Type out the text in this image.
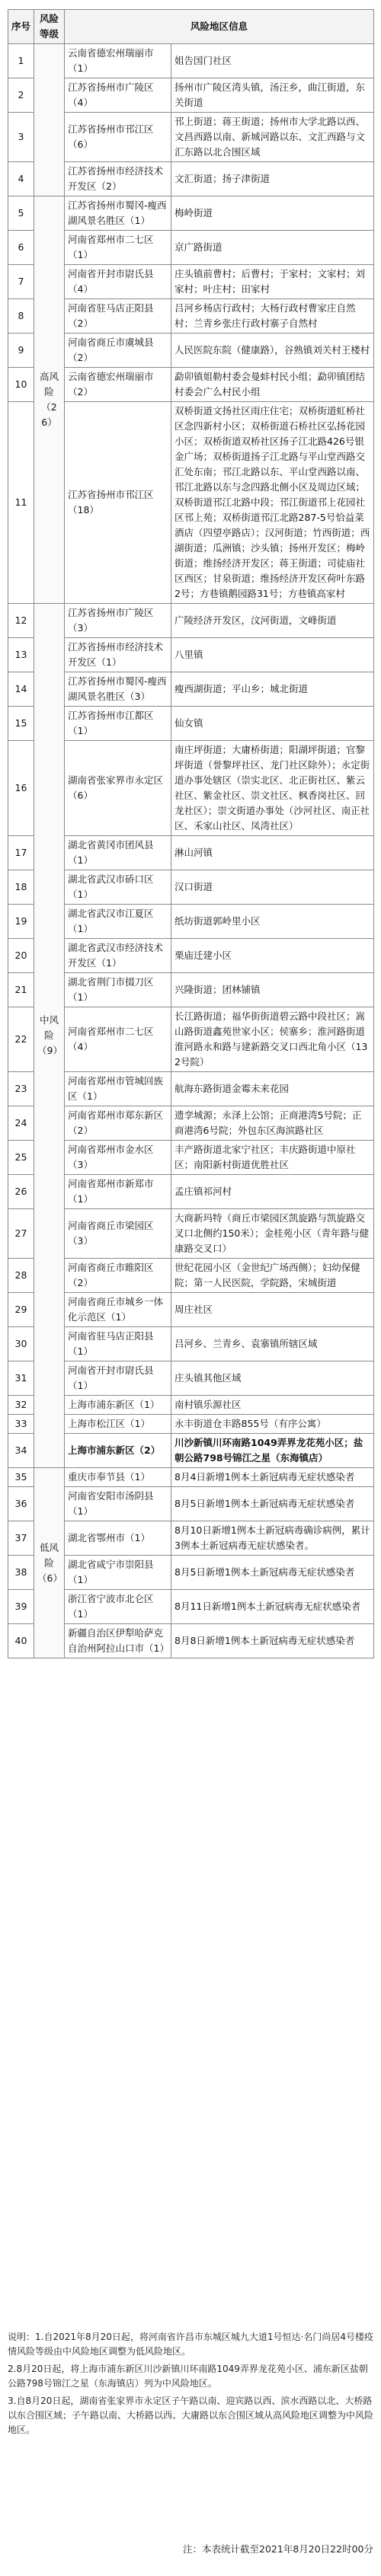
序号	风险等级	风险地区信息	
1		云南省德宏州瑞丽市（1）	姐告国门社区
2		江苏省扬州市广陵区（4）	扬州市广陵区湾头镇，汤汪乡，曲江街道，东关街道
3		江苏省扬州市邗江区（6）	邗上街道；蒋王街道；扬州市大学北路以西、文昌西路以南、新城河路以东、文汇西路与文汇东路以北合围区域
4		江苏省扬州市经济技术开发区（2）	文汇街道；扬子津街道
5	高风险（26）	江苏省扬州市蜀冈-瘦西湖风景名胜区（1）	梅岭街道
6		河南省郑州市二七区（1）	京广路街道
7		河南省开封市尉氏县（4）	庄头镇前曹村；后曹村；于家村；文家村；刘家村；叶庄村；田家村
8		河南省驻马店正阳县（2）	吕河乡杨店行政村；大杨行政村曹家庄自然村；兰青乡张庄行政村寨子自然村
9		河南省商丘市虞城县（2）	人民医院东院（健康路），谷熟镇刘关村王楼村
10		云南省德宏州瑞丽市（2）	勐卯镇姐勒村委会曼蚌村民小组；勐卯镇团结村委会广么村民小组
11		江苏省扬州市邗江区（18）	双桥街道文扬社区雨庄住宅；双桥街道虹桥社区念四新村小区；双桥街道石桥社区弘扬花园小区；双桥街道双桥社区扬子江北路426号银金广场；双桥街道扬子江北路与平山堂西路交汇处东南；邗江北路以东、平山堂西路以南、邗江北路以东与念四路北侧小区及周边区域；双桥街道邗江北路中段；邗江街道邗上花园社区邗上苑；双桥街道邗江北路287-5号恰益菜酒店（四望亭路店）；汉河街道；竹西街道；西湖街道；瓜洲镇；沙头镇；扬州开发区；梅岭街道；维扬经济开发区；蒋王街道；司徒庙社区西区；甘泉街道；维扬经济开发区荷叶东路2号；方巷镇鹅园路31号；方巷镇高家村
12	中风险（9）	江苏省扬州市广陵区（3）	广陵经济开发区，汶河街道，文峰街道
13		江苏省扬州市经济技术开发区（1）	八里镇
14		江苏省扬州市蜀冈-瘦西湖风景名胜区（3）	瘦西湖街道；平山乡；城北街道
15		江苏省扬州市江都区（1）	仙女镇
16		湖南省张家界市永定区（6）	南庄坪街道；大庸桥街道；阳湖坪街道；官黎坪街道（誉黎坪社区、龙门社区除外）；永定街道办事处辖区（崇实北区、北正街社区、紫云社区、紫金社区、崇文社区、枫香岗社区、回龙社区）；崇文街道办事处（沙河社区、南正社区、禾家山社区、凤湾社区）
17		湖北省黄冈市团风县（1）	淋山河镇
18		湖北省武汉市硚口区（1）	汉口街道
19		湖北省武汉市江夏区（1）	纸坊街道郭岭里小区
20		湖北省武汉市经济技术开发区（1）	栗庙迁建小区
21		湖北省荆门市掇刀区（1）	兴隆街道；团林铺镇
22		河南省郑州市二七区（4）	长江路街道；福华街街道碧云路中段社区；嵩山路街道鑫苑世家小区；侯寨乡；淮河路街道淮河路永和路与建新路交叉口西北角小区（132号院）
23		河南省郑州市管城回族区（1）	航海东路街道金霉未来花园
24		河南省郑州市郑东新区（2）	遗孪城源；永泽上公馆；正商港湾5号院；正商港湾6号院；外包东区海滨路社区
25		河南省郑州市金水区（3）	丰产路街道北家宁社区；丰庆路街道中原社区；南阳新村街道优胜社区
26		河南省郑州市新郑市（1）	孟庄镇祁河村
27		河南省商丘市梁园区（3）	大商新玛特（商丘市梁园区凯旋路与凯旋路交叉口北侧约150米）；金桂苑小区（青年路与健康路交叉口）
28		河南省商丘市睢阳区（2）	世纪花园小区（金世纪广场西侧）；妇幼保健院；第一人民医院，学院路，宋城街道
29		河南省商丘市城乡一体化示范区（1）	周庄社区
30		河南省驻马店正阳县（1）	吕河乡、兰青乡、袁寨镇所辖区域
31		河南省开封市尉氏县（1）	庄头镇其他区域
32		上海市浦东新区（1）	南村镇乐源社区
33		上海市松江区（1）	永丰街道仓丰路855号（有序公寓）
34		上海市浦东新区（2）	川沙新镇川环南路1049弄界龙花苑小区；盐朝公路798号锦江之星（东海镇店）
35	低风险（6）	重庆市奉节县（1）	8月4日新增1例本土新冠病毒无症状感染者
36		河南省安阳市汤阴县（1）	8月5日新增1例本土新冠病毒无症状感染者
37		湖北省鄂州市（1）	8月10日新增1例本土新冠病毒确诊病例，累计3例本土新冠病毒无症状感染者。
38		湖北省咸宁市崇阳县（1）	8月5日新增1例本土新冠病毒无症状感染者
39		浙江省宁波市北仑区（1）	8月11日新增1例本土新冠病毒无症状感染者
40		新疆自治区伊犁哈萨克自治州阿拉山口市（1）	8月8日新增1例本土新冠病毒无症状感染者

说明：1.自2021年8月20日起，将河南省许昌市东城区城九大道1号恒达·名门尚居4号楼疫情风险等级由中风险地区调整为低风险地区。

2.8月20日起，将上海市浦东新区川沙新镇川环南路1049弄界龙花苑小区、浦东新区盐朝公路798号锦江之星（东海镇店）列为中风险地区。

3.自8月20日起，湖南省张家界市永定区子午路以南、迎宾路以西、滨水西路以北、大桥路以东合围区域；子午路以南、大桥路以西、大庸路以东合围区域从高风险地区调整为中风险地区。

注：本表统计截至2021年8月20日22时00分
